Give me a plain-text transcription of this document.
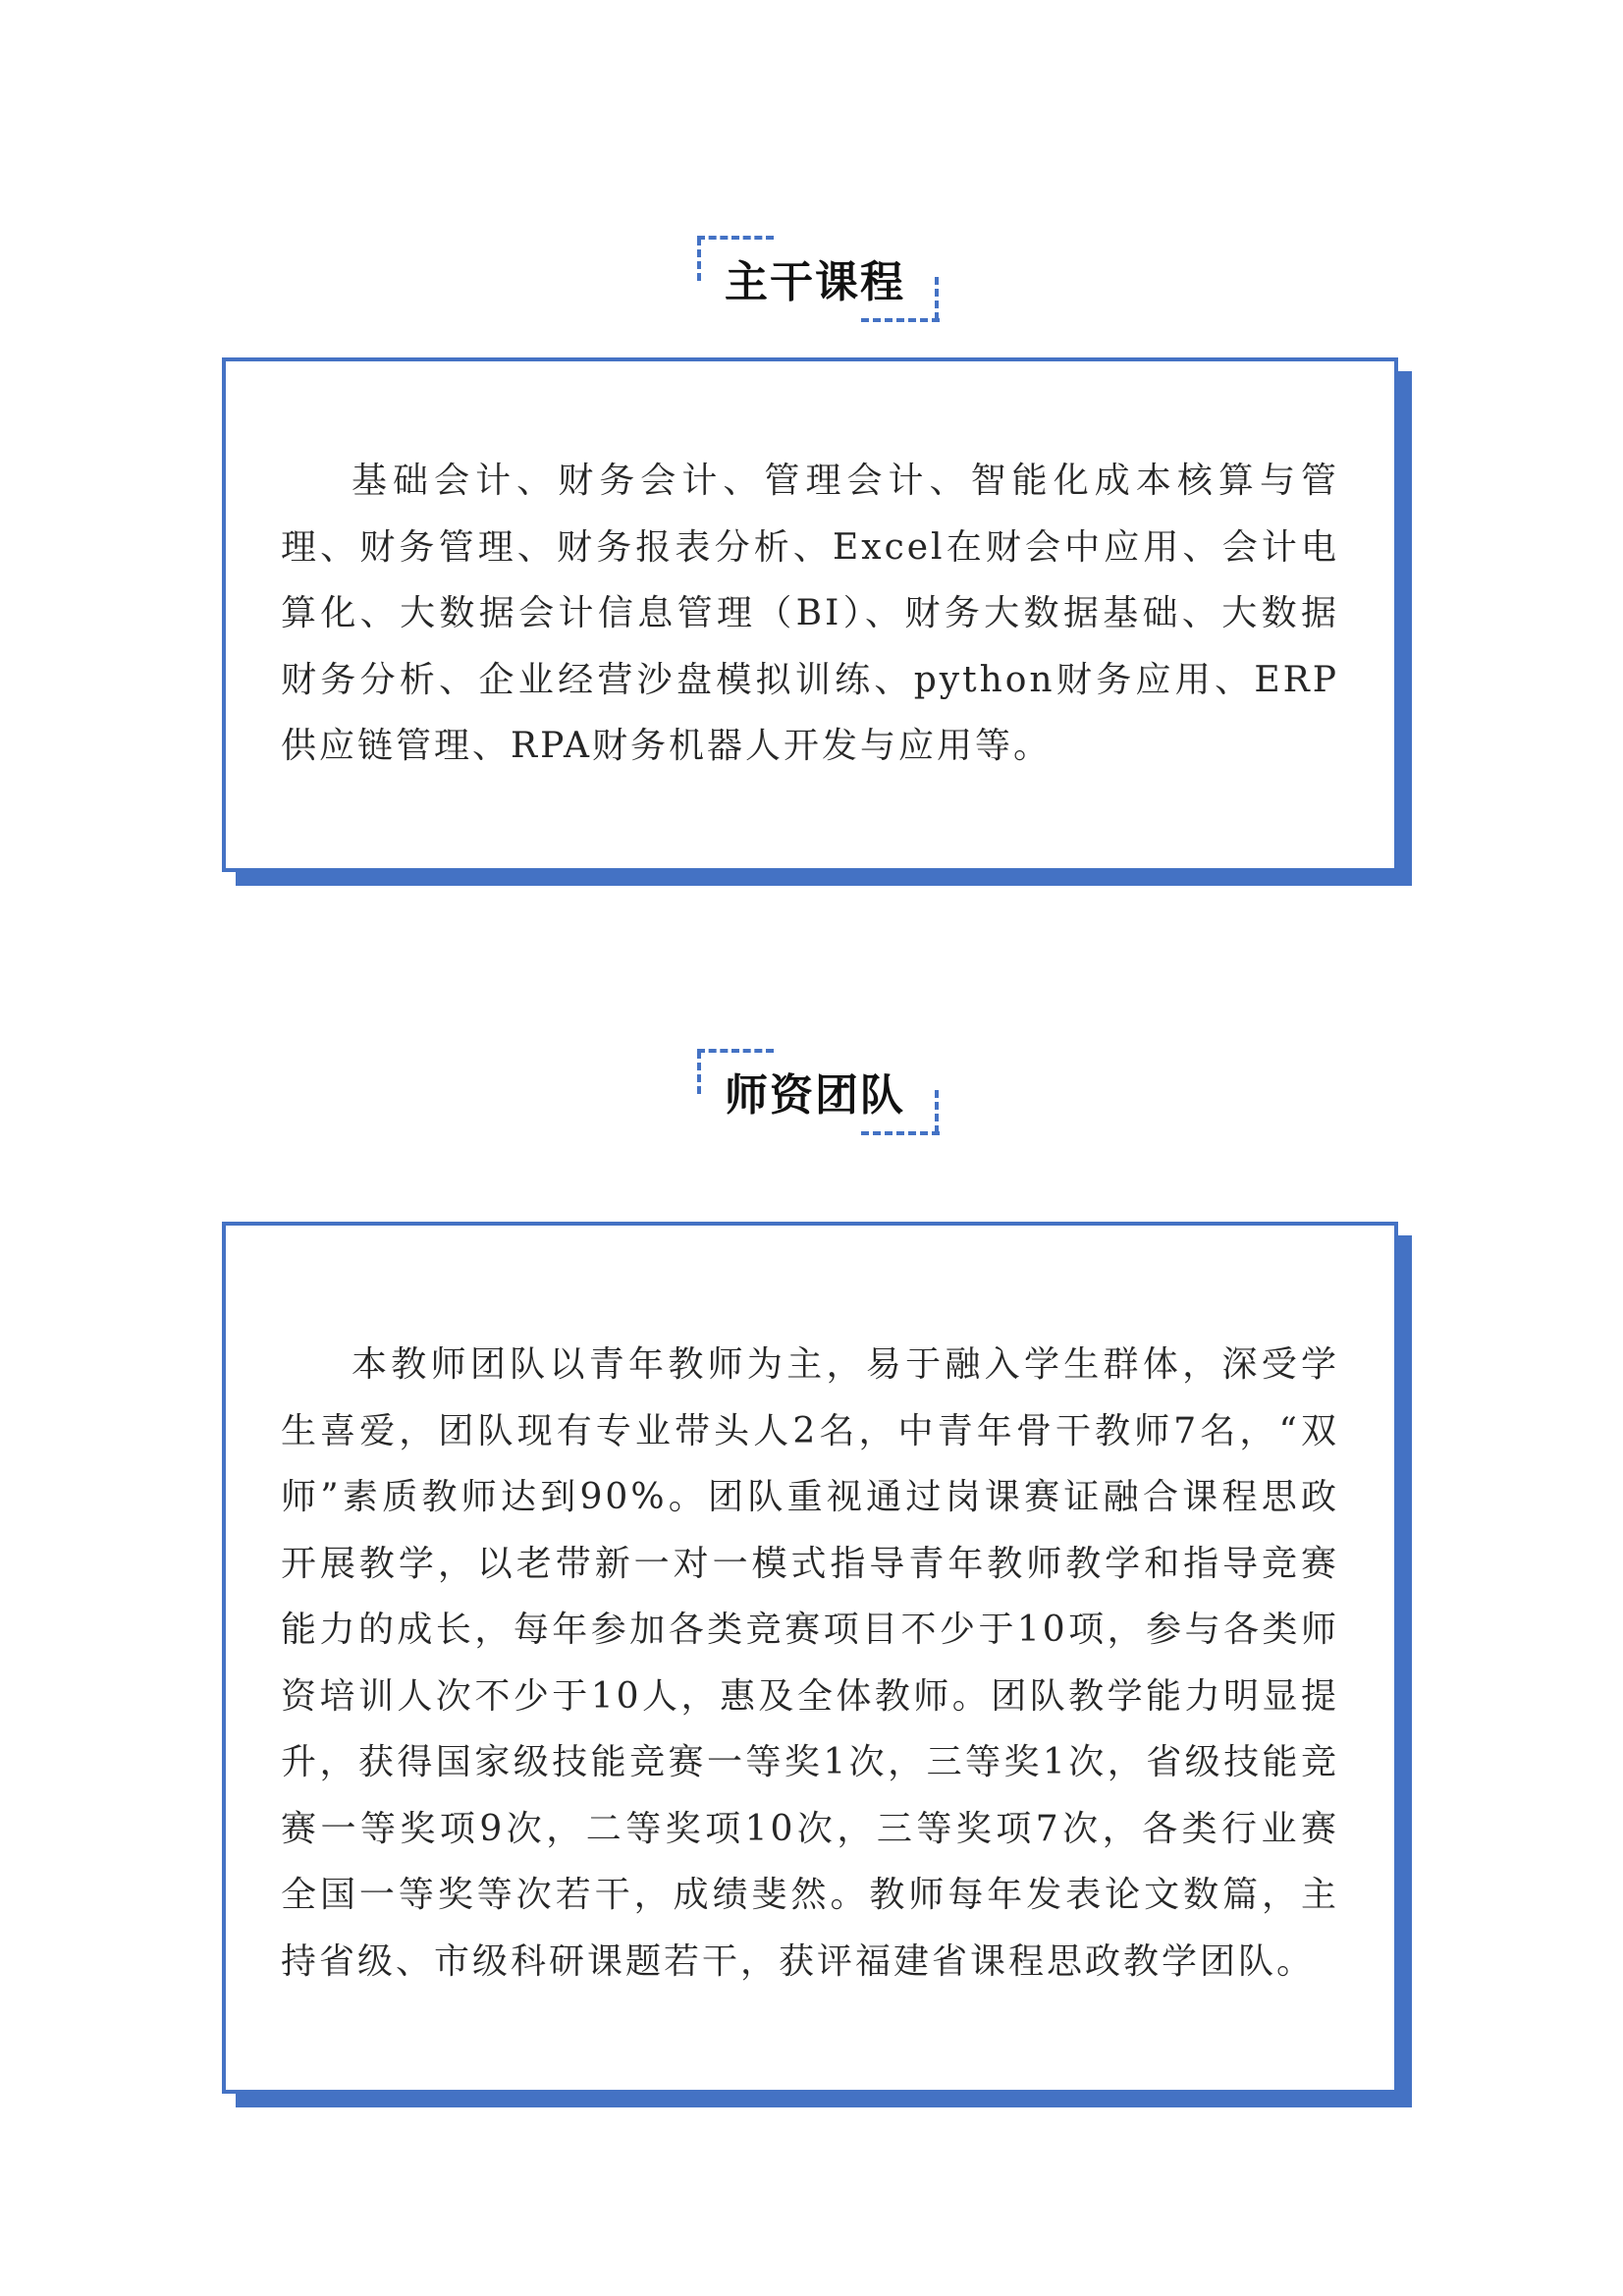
主干课程
基础会计、财务会计、管理会计、智能化成本核算与管理、财务管理、财务报表分析、Excel在财会中应用、会计电算化、大数据会计信息管理（BI）、财务大数据基础、大数据财务分析、企业经营沙盘模拟训练、python财务应用、ERP供应链管理、RPA财务机器人开发与应用等。
师资团队
本教师团队以青年教师为主，易于融入学生群体，深受学生喜爱，团队现有专业带头人2名，中青年骨干教师7名，“双师”素质教师达到90%。团队重视通过岗课赛证融合课程思政开展教学，以老带新一对一模式指导青年教师教学和指导竞赛能力的成长，每年参加各类竞赛项目不少于10项，参与各类师资培训人次不少于10人，惠及全体教师。团队教学能力明显提升，获得国家级技能竞赛一等奖1次，三等奖1次，省级技能竞赛一等奖项9次，二等奖项10次，三等奖项7次，各类行业赛全国一等奖等次若干，成绩斐然。教师每年发表论文数篇，主持省级、市级科研课题若干，获评福建省课程思政教学团队。
